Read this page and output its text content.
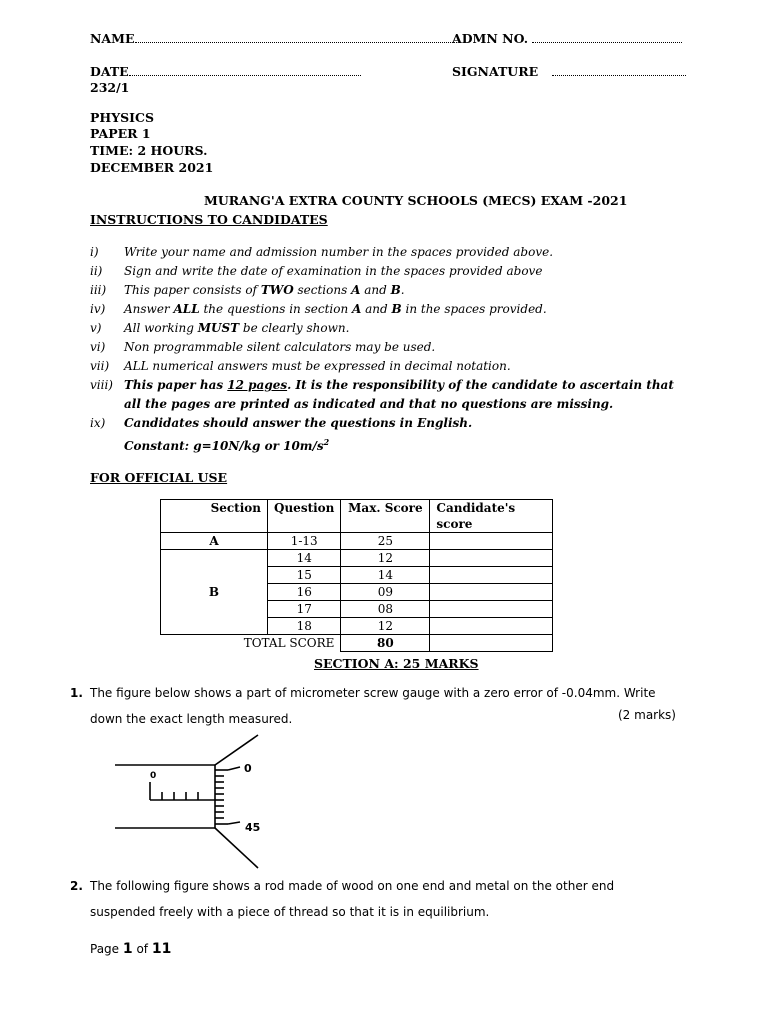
NAME	ADMN NO.
DATE	SIGNATURE
232/1
PHYSICS
PAPER 1
TIME: 2 HOURS.
DECEMBER 2021
MURANG'A EXTRA COUNTY SCHOOLS (MECS) EXAM -2021
INSTRUCTIONS TO CANDIDATES
i)	Write your name and admission number in the spaces provided above.
ii)	Sign and write the date of examination in the spaces provided above
iii)	This paper consists of TWO sections A and B.
iv)	Answer ALL the questions in section A and B in the spaces provided.
v)	All working MUST be clearly shown.
vi)	Non programmable silent calculators may be used.
vii)	ALL numerical answers must be expressed in decimal notation.
viii) This paper has 12 pages. It is the responsibility of the candidate to ascertain that all the pages are printed as indicated and that no questions are missing.
ix)	Candidates should answer the questions in English.
Constant: g=10N/kg or $10m/s^2$
FOR OFFICIAL USE
Section	Question	Max. Score	Candidate's score
A	1-13	25	
B	14	12	
	15	14	
	16	09	
	17	08	
	18	12	
TOTAL SCORE		80	
SECTION A: 25 MARKS
1. The figure below shows a part of micrometer screw gauge with a zero error of -0.04mm. Write down the exact length measured.	(2 marks)
0
0
45
2. The following figure shows a rod made of wood on one end and metal on the other end suspended freely with a piece of thread so that it is in equilibrium.
Page 1 of 11
